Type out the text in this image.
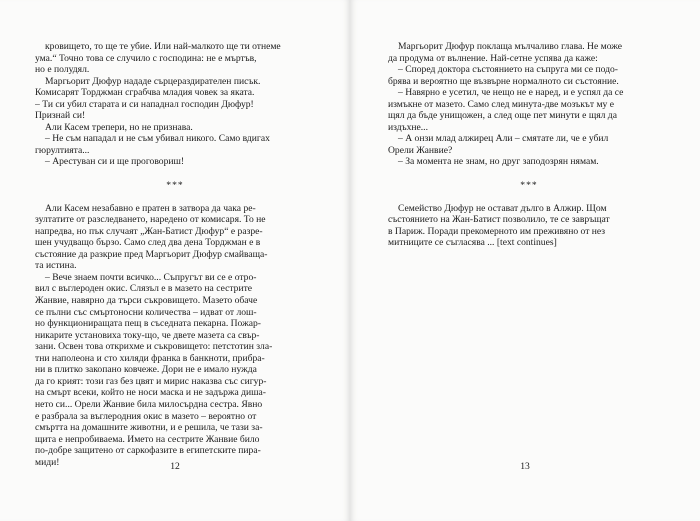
кровището, то ще те убие. Или най-малкото ще ти отнеме
ума.“ Точно това се случило с господина: не е мъртъв,
но е полудял.
Маргьорит Дюфур нададе сърцераздирателен писък.
Комисарят Торджман сграбчва младия човек за яката.
– Ти си убил старата и си нападнал господин Дюфур!
Признай си!
Али Касем трепери, но не признава.
– Не съм нападал и не съм убивал никого. Само вдигах
гюрултията...
– Арестуван си и ще проговориш!
***
Али Касем незабавно е пратен в затвора да чака ре-
зултатите от разследването, наредено от комисаря. То не
напредва, но пък случаят „Жан-Батист Дюфур“ е разре-
шен учудващо бързо. Само след два дена Торджман е в
състояние да разкрие пред Маргьорит Дюфур смайваща-
та истина.
– Вече знаем почти всичко... Съпругът ви се е отро-
вил с въглероден окис. Слязъл е в мазето на сестрите
Жанвие, навярно да търси съкровището. Мазето обаче
се пълни със смъртоносни количества – идват от лош-
но функциониращата пещ в съседната пекарна. Пожар-
никарите установиха току-що, че двете мазета са свър-
зани. Освен това открихме и съкровището: петстотин зла-
тни наполеона и сто хиляди франка в банкноти, прибра-
ни в плитко закопано ковчеже. Дори не е имало нужда
да го крият: този газ без цвят и мирис наказва със сигур-
на смърт всеки, който не носи маска и не задържа диша-
нето си... Орели Жанвие била милосърдна сестра. Явно
е разбрала за въглеродния окис в мазето – вероятно от
смъртта на домашните животни, и е решила, че тази за-
щита е непробиваема. Името на сестрите Жанвие било
по-добре защитено от саркофазите в египетските пира-
миди!	12
Маргьорит Дюфур поклаща мълчаливо глава. Не може
да продума от вълнение. Най-сетне успява да каже:
– Според доктора състоянието на съпруга ми се подо-
брява и вероятно ще възвърне нормалното си състояние.
– Навярно е усетил, че нещо не е наред, и е успял да се
измъкне от мазето. Само след минута-две мозъкът му е
щял да бъде унищожен, а след още пет минути е щял да
издъхне...
– А онзи млад алжирец Али – смятате ли, че е убил
Орели Жанвие?
– За момента не знам, но друг заподозрян нямам.
***
Семейство Дюфур не остават дълго в Алжир. Щом
състоянието на Жан-Батист позволило, те се завръщат
в Париж. Поради прекомерното им преживяно от нез
митниците се съгласява ... [text continues]
13
